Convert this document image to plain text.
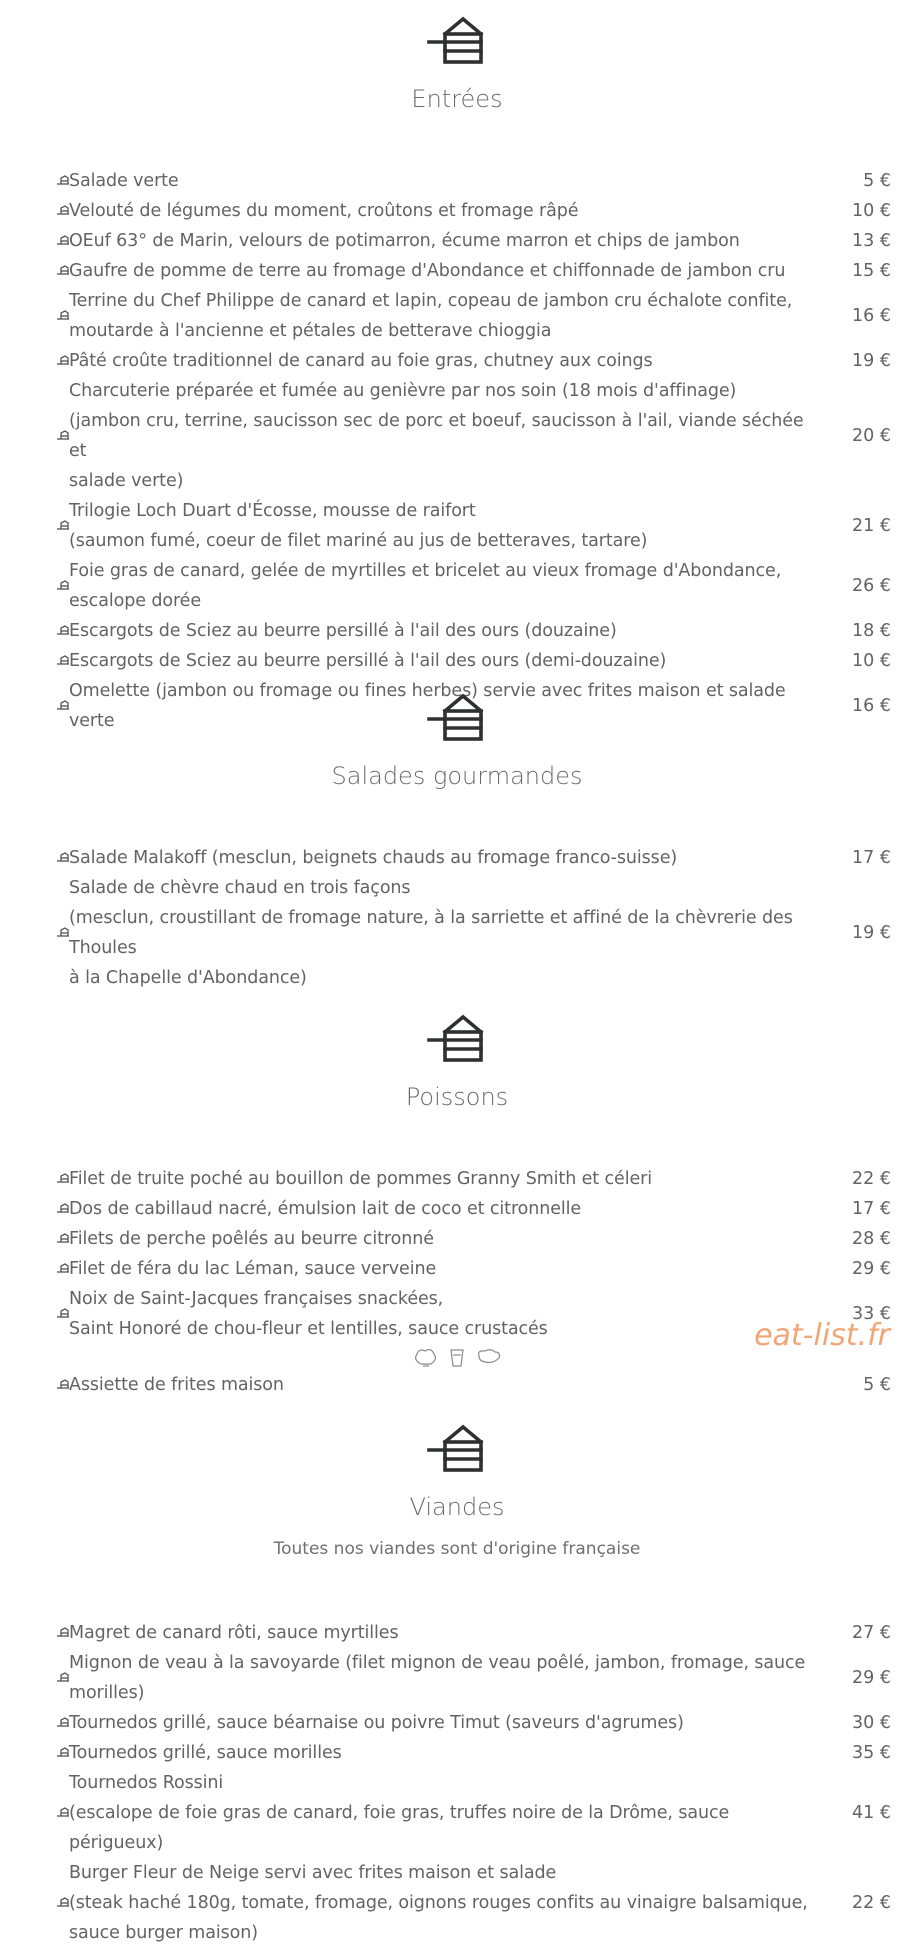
Entrées
Salade verte	5 €
Velouté de légumes du moment, croûtons et fromage râpé	10 €
OEuf 63° de Marin, velours de potimarron, écume marron et chips de jambon	13 €
Gaufre de pomme de terre au fromage d'Abondance et chiffonnade de jambon cru	15 €
Terrine du Chef Philippe de canard et lapin, copeau de jambon cru échalote confite,
moutarde à l'ancienne et pétales de betterave chioggia
16 €
Pâté croûte traditionnel de canard au foie gras, chutney aux coings	19 €
Charcuterie préparée et fumée au genièvre par nos soin (18 mois d'affinage)
(jambon cru, terrine, saucisson sec de porc et boeuf, saucisson à l'ail, viande séchée et
salade verte)
20 €
Trilogie Loch Duart d'Écosse, mousse de raifort
(saumon fumé, coeur de filet mariné au jus de betteraves, tartare)
21 €
Foie gras de canard, gelée de myrtilles et bricelet au vieux fromage d'Abondance,
escalope dorée
26 €
Escargots de Sciez au beurre persillé à l'ail des ours (douzaine)	18 €
Escargots de Sciez au beurre persillé à l'ail des ours (demi-douzaine)	10 €
Omelette (jambon ou fromage ou fines herbes) servie avec frites maison et salade verte
16 €
Salades gourmandes
Salade Malakoff (mesclun, beignets chauds au fromage franco-suisse)	17 €
Salade de chèvre chaud en trois façons
(mesclun, croustillant de fromage nature, à la sarriette et affiné de la chèvrerie des
Thoules
à la Chapelle d'Abondance)
19 €
Poissons
Filet de truite poché au bouillon de pommes Granny Smith et céleri	22 €
Dos de cabillaud nacré, émulsion lait de coco et citronnelle	17 €
Filets de perche poêlés au beurre citronné	28 €
Filet de féra du lac Léman, sauce verveine	29 €
Noix de Saint-Jacques françaises snackées,
Saint Honoré de chou-fleur et lentilles, sauce crustacés
33 €
Assiette de frites maison	5 €
Viandes
Toutes nos viandes sont d'origine française
Magret de canard rôti, sauce myrtilles	27 €
Mignon de veau à la savoyarde (filet mignon de veau poêlé, jambon, fromage, sauce
morilles)
29 €
Tournedos grillé, sauce béarnaise ou poivre Timut (saveurs d'agrumes)	30 €
Tournedos grillé, sauce morilles	35 €
Tournedos Rossini
(escalope de foie gras de canard, foie gras, truffes noire de la Drôme, sauce périgueux)
41 €
Burger Fleur de Neige servi avec frites maison et salade
(steak haché 180g, tomate, fromage, oignons rouges confits au vinaigre balsamique,
sauce burger maison)
22 €
eat-list.fr
